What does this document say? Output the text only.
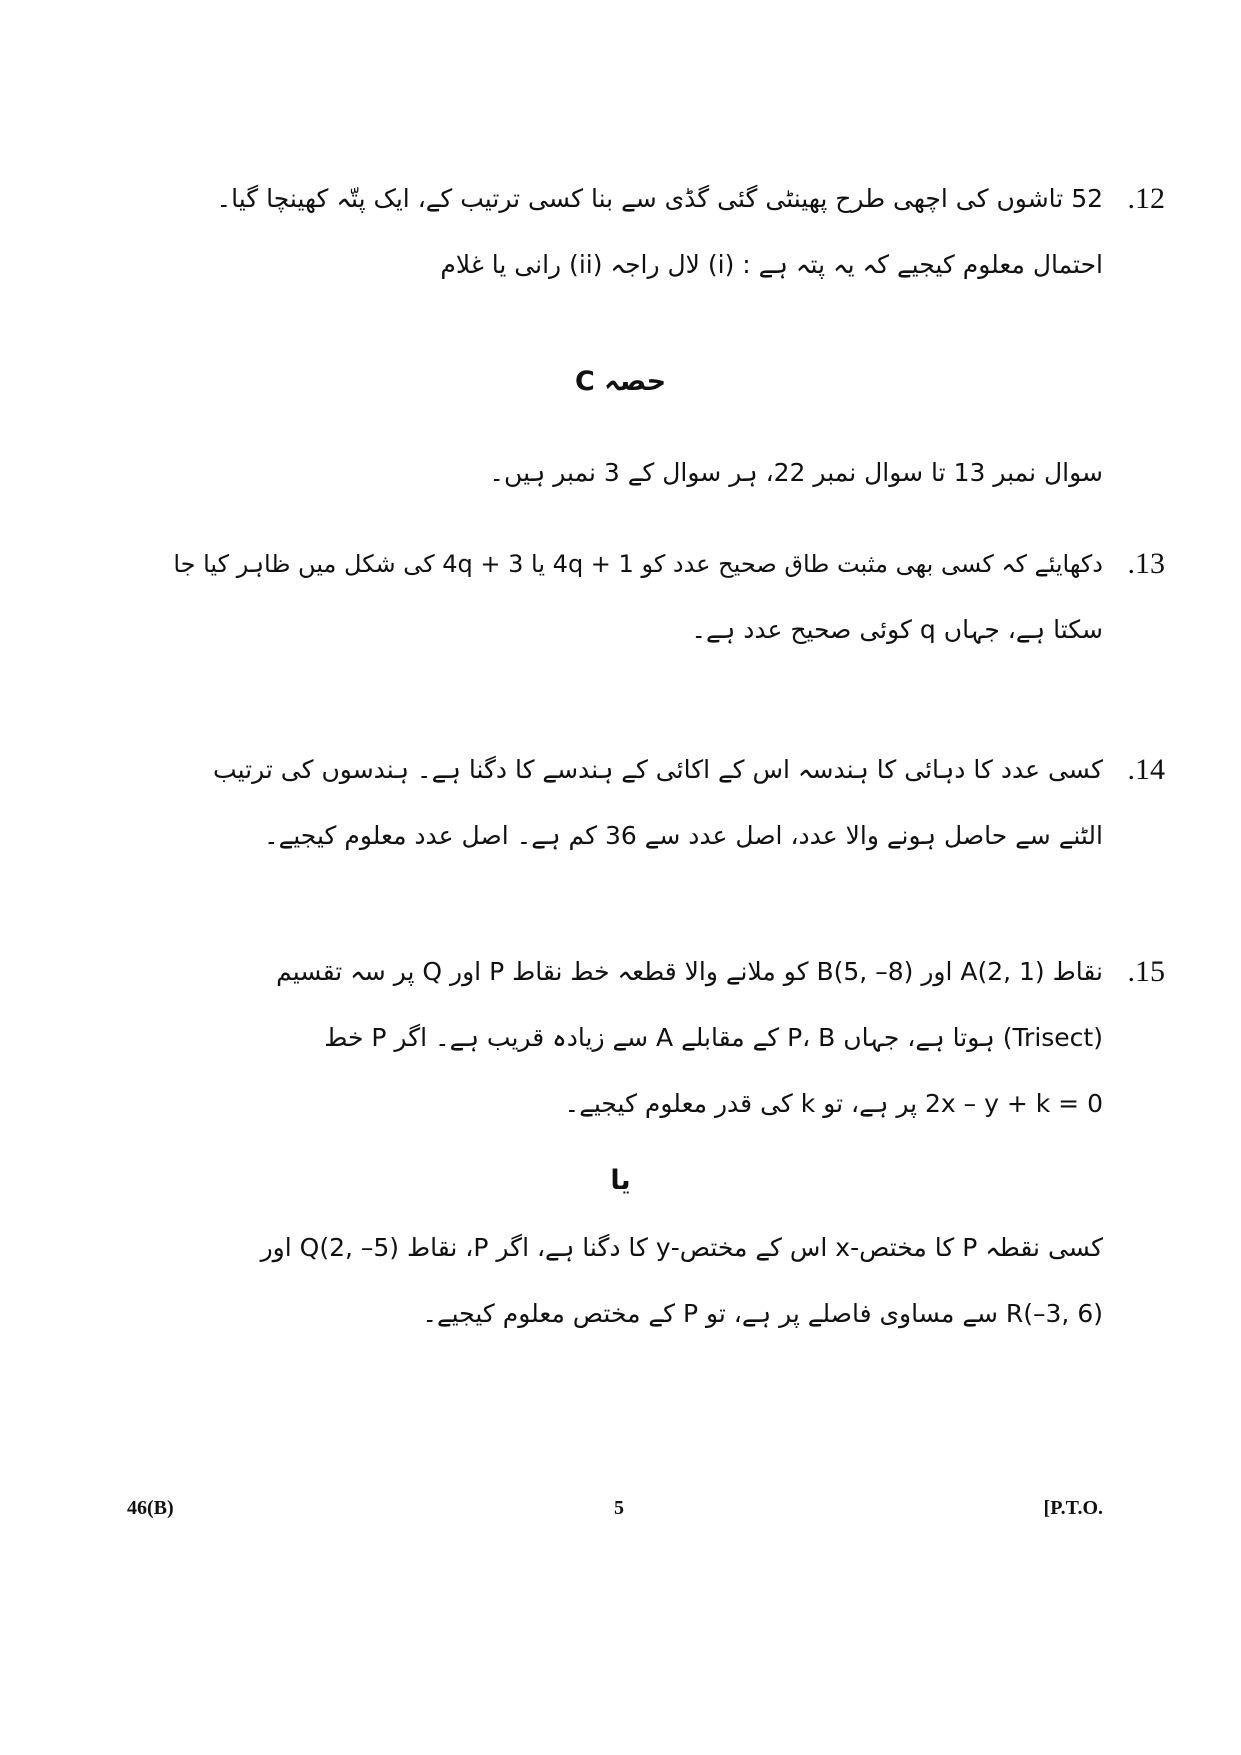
.12
52 تاشوں کی اچھی طرح پھینٹی گئی گڈی سے بنا کسی ترتیب کے، ایک پتّہ کھینچا گیا۔
احتمال معلوم کیجیے کہ یہ پتہ ہے : (i) لال راجہ (ii) رانی یا غلام
حصہ C
سوال نمبر 13 تا سوال نمبر 22، ہر سوال کے 3 نمبر ہیں۔
.13
دکھایئے کہ کسی بھی مثبت طاق صحیح عدد کو 4q + 1 یا 4q + 3 کی شکل میں ظاہر کیا جا
سکتا ہے، جہاں q کوئی صحیح عدد ہے۔
.14
کسی عدد کا دہائی کا ہندسہ اس کے اکائی کے ہندسے کا دگنا ہے۔ ہندسوں کی ترتیب
الٹنے سے حاصل ہونے والا عدد، اصل عدد سے 36 کم ہے۔ اصل عدد معلوم کیجیے۔
.15
نقاط A(2, 1) اور B(5, –8) کو ملانے والا قطعہ خط نقاط P اور Q پر سہ تقسیم
(Trisect) ہوتا ہے، جہاں P، B کے مقابلے A سے زیادہ قریب ہے۔ اگر P خط
2x – y + k = 0 پر ہے، تو k کی قدر معلوم کیجیے۔
یا
کسی نقطہ P کا مختص-x اس کے مختص-y کا دگنا ہے، اگر P، نقاط Q(2, –5) اور
R(–3, 6) سے مساوی فاصلے پر ہے، تو P کے مختص معلوم کیجیے۔
46(B)	5	[P.T.O.
